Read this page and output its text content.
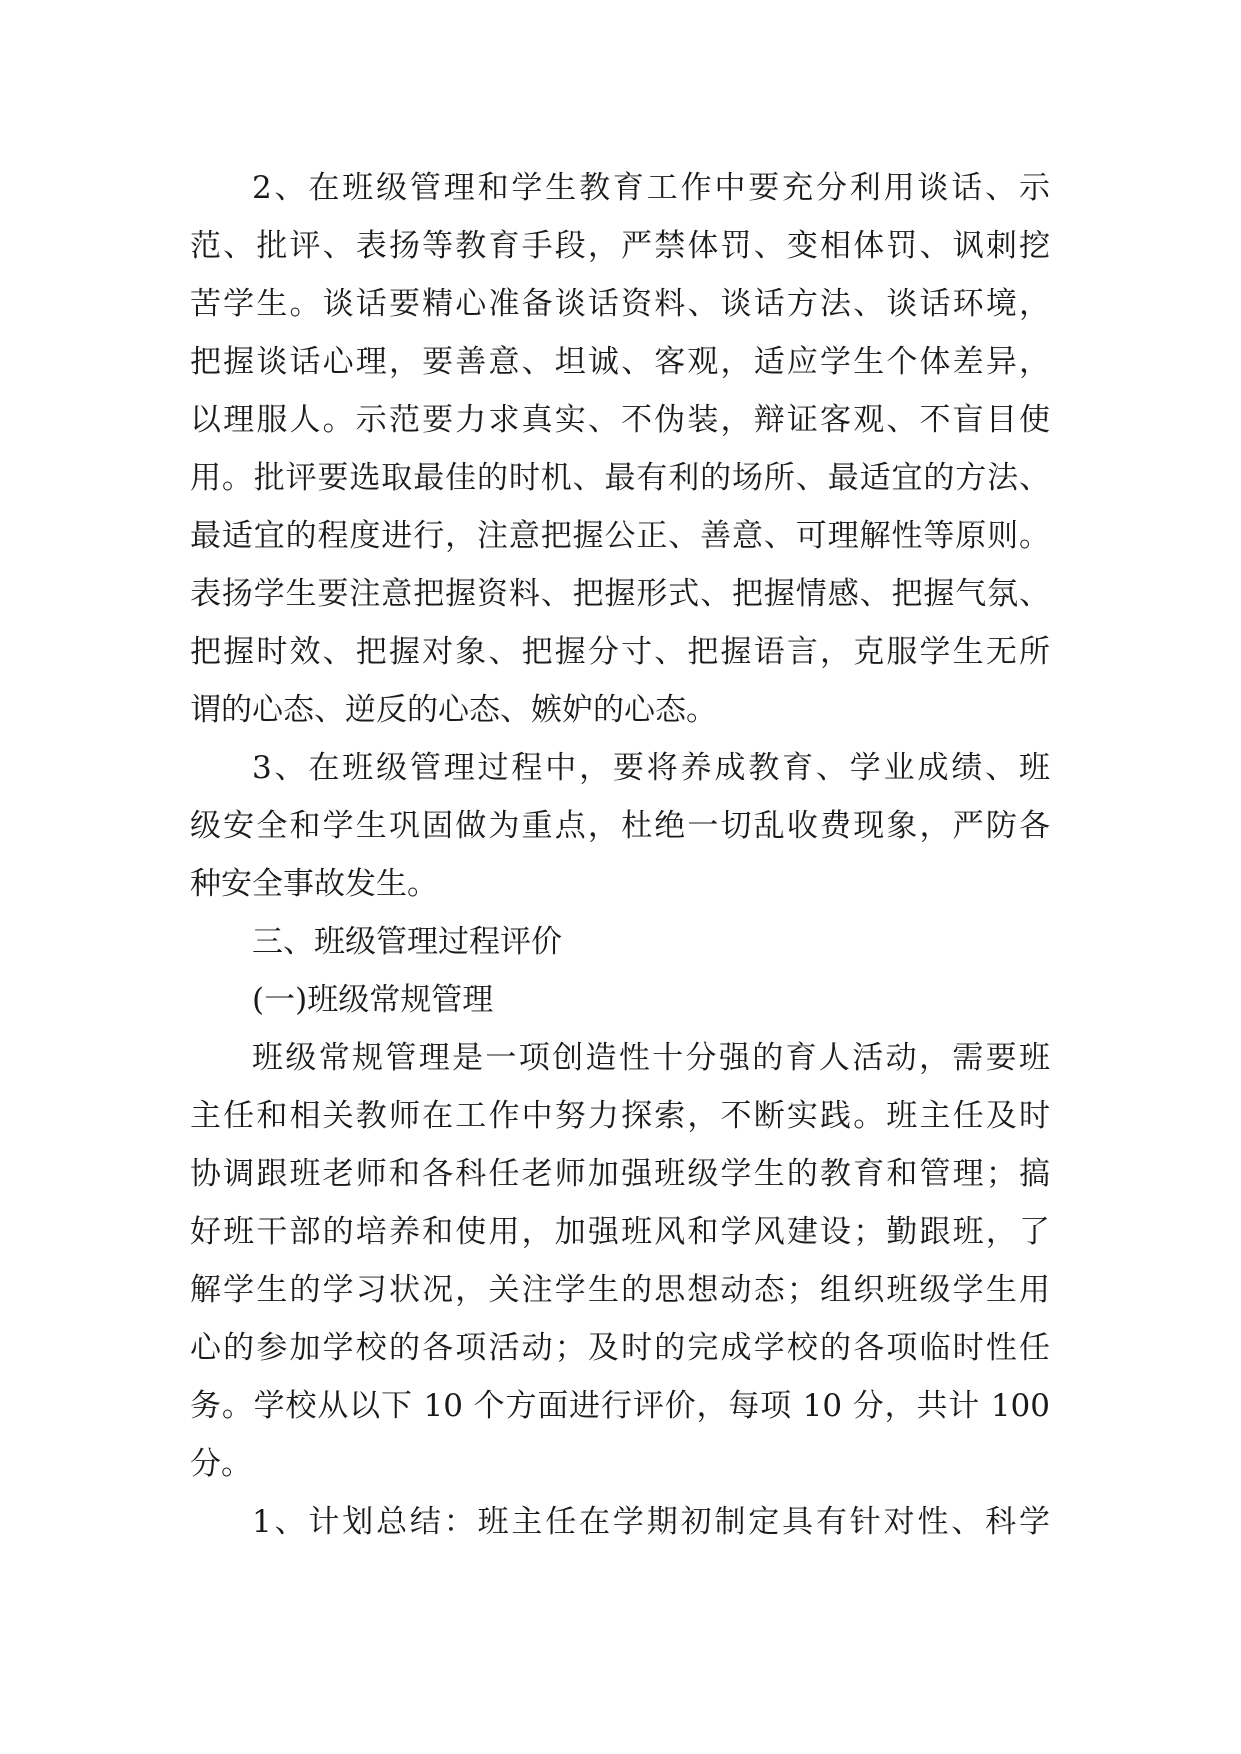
2、在班级管理和学生教育工作中要充分利用谈话、示
范、批评、表扬等教育手段，严禁体罚、变相体罚、讽刺挖
苦学生。谈话要精心准备谈话资料、谈话方法、谈话环境，
把握谈话心理，要善意、坦诚、客观，适应学生个体差异，
以理服人。示范要力求真实、不伪装，辩证客观、不盲目使
用。批评要选取最佳的时机、最有利的场所、最适宜的方法、
最适宜的程度进行，注意把握公正、善意、可理解性等原则。
表扬学生要注意把握资料、把握形式、把握情感、把握气氛、
把握时效、把握对象、把握分寸、把握语言，克服学生无所
谓的心态、逆反的心态、嫉妒的心态。
3、在班级管理过程中，要将养成教育、学业成绩、班
级安全和学生巩固做为重点，杜绝一切乱收费现象，严防各
种安全事故发生。
三、班级管理过程评价
(一)班级常规管理
班级常规管理是一项创造性十分强的育人活动，需要班
主任和相关教师在工作中努力探索，不断实践。班主任及时
协调跟班老师和各科任老师加强班级学生的教育和管理；搞
好班干部的培养和使用，加强班风和学风建设；勤跟班，了
解学生的学习状况，关注学生的思想动态；组织班级学生用
心的参加学校的各项活动；及时的完成学校的各项临时性任
务。学校从以下 10 个方面进行评价，每项 10 分，共计 100
分。
1、计划总结：班主任在学期初制定具有针对性、科学
